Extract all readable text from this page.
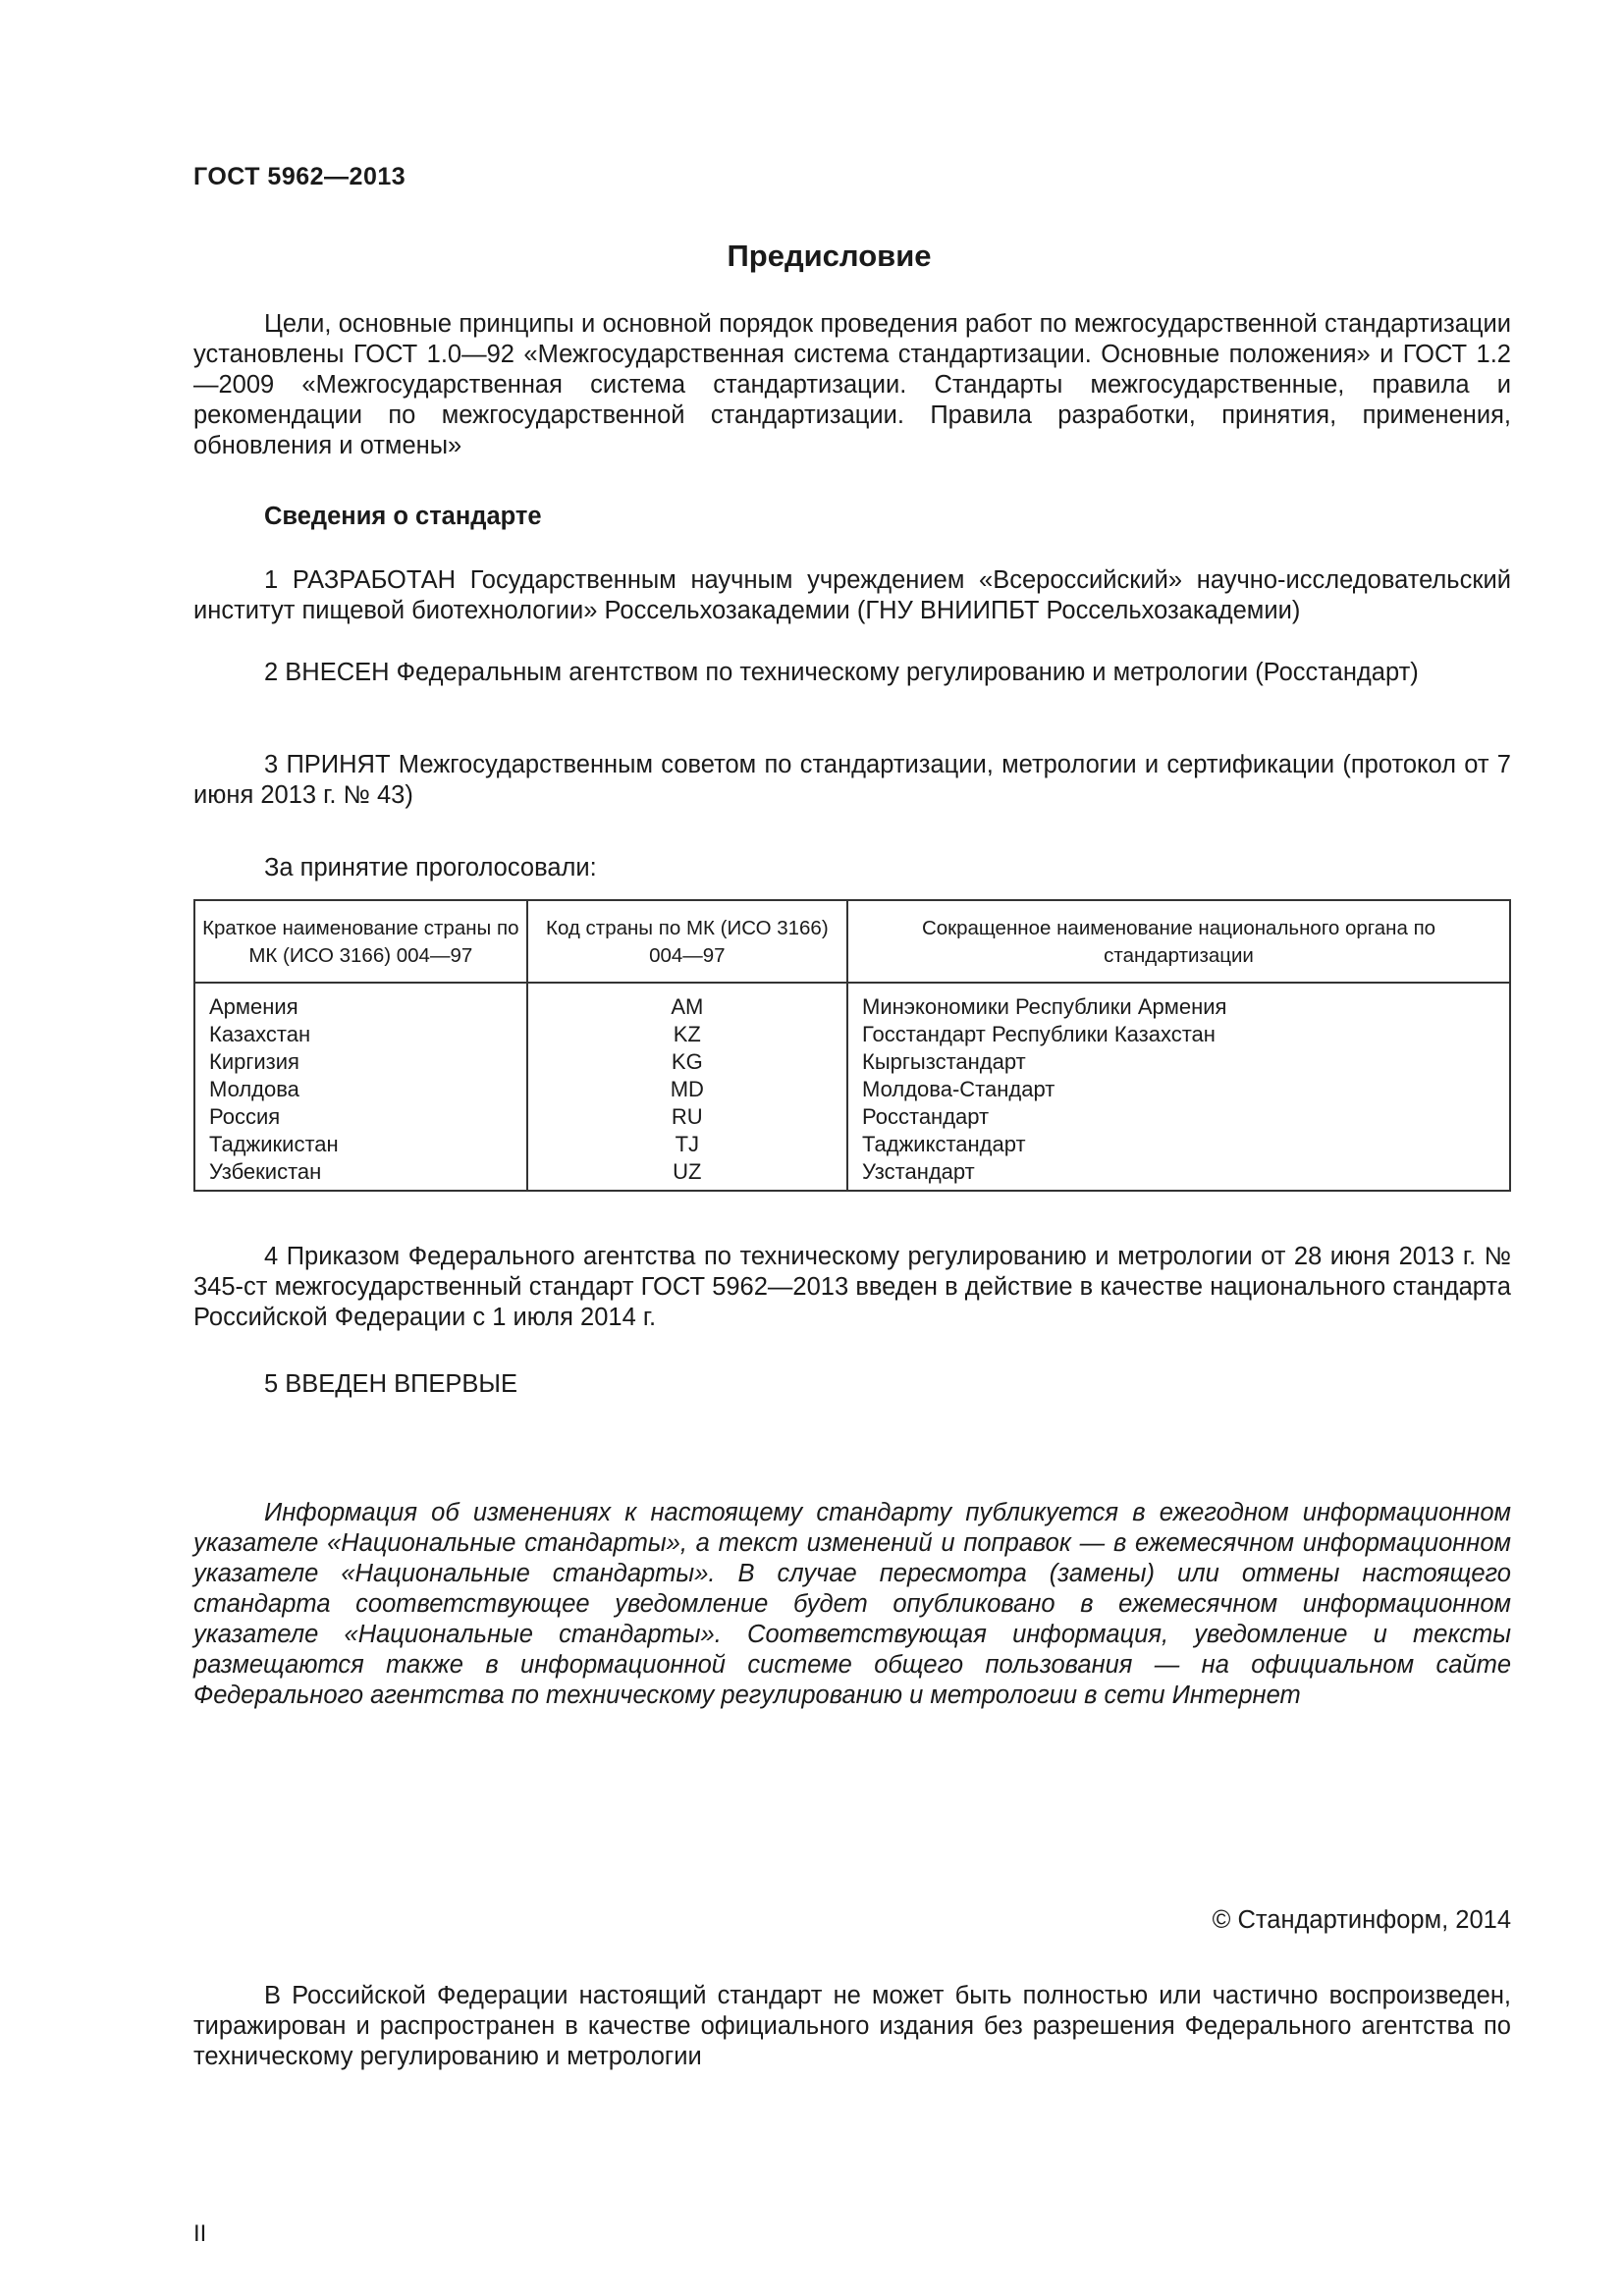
ГОСТ 5962—2013
Предисловие

Цели, основные принципы и основной порядок проведения работ по межгосударственной стандартизации установлены ГОСТ 1.0—92 «Межгосударственная система стандартизации. Основные положения» и ГОСТ 1.2—2009 «Межгосударственная система стандартизации. Стандарты межгосударственные, правила и рекомендации по межгосударственной стандартизации. Правила разработки, принятия, применения, обновления и отмены»

Сведения о стандарте

1 РАЗРАБОТАН Государственным научным учреждением «Всероссийский» научно-исследовательский институт пищевой биотехнологии» Россельхозакадемии (ГНУ ВНИИПБТ Россельхозакадемии)

2 ВНЕСЕН Федеральным агентством по техническому регулированию и метрологии (Росстандарт)

3 ПРИНЯТ Межгосударственным советом по стандартизации, метрологии и сертификации (протокол от 7 июня 2013 г. № 43)

За принятие проголосовали:
Краткое наименование страны по МК (ИСО 3166) 004—97	Код страны по МК (ИСО 3166) 004—97	Сокращенное наименование национального органа по стандартизации
Армения	AM	Минэкономики Республики Армения
Казахстан	KZ	Госстандарт Республики Казахстан
Киргизия	KG	Кыргызстандарт
Молдова	MD	Молдова-Стандарт
Россия	RU	Росстандарт
Таджикистан	TJ	Таджикстандарт
Узбекистан	UZ	Узстандарт

4 Приказом Федерального агентства по техническому регулированию и метрологии от 28 июня 2013 г. № 345-ст межгосударственный стандарт ГОСТ 5962—2013 введен в действие в качестве национального стандарта Российской Федерации с 1 июля 2014 г.

5 ВВЕДЕН ВПЕРВЫЕ

Информация об изменениях к настоящему стандарту публикуется в ежегодном информационном указателе «Национальные стандарты», а текст изменений и поправок — в ежемесячном информационном указателе «Национальные стандарты». В случае пересмотра (замены) или отмены настоящего стандарта соответствующее уведомление будет опубликовано в ежемесячном информационном указателе «Национальные стандарты». Соответствующая информация, уведомление и тексты размещаются также в информационной системе общего пользования — на официальном сайте Федерального агентства по техническому регулированию и метрологии в сети Интернет

© Стандартинформ, 2014

В Российской Федерации настоящий стандарт не может быть полностью или частично воспроизведен, тиражирован и распространен в качестве официального издания без разрешения Федерального агентства по техническому регулированию и метрологии

II
